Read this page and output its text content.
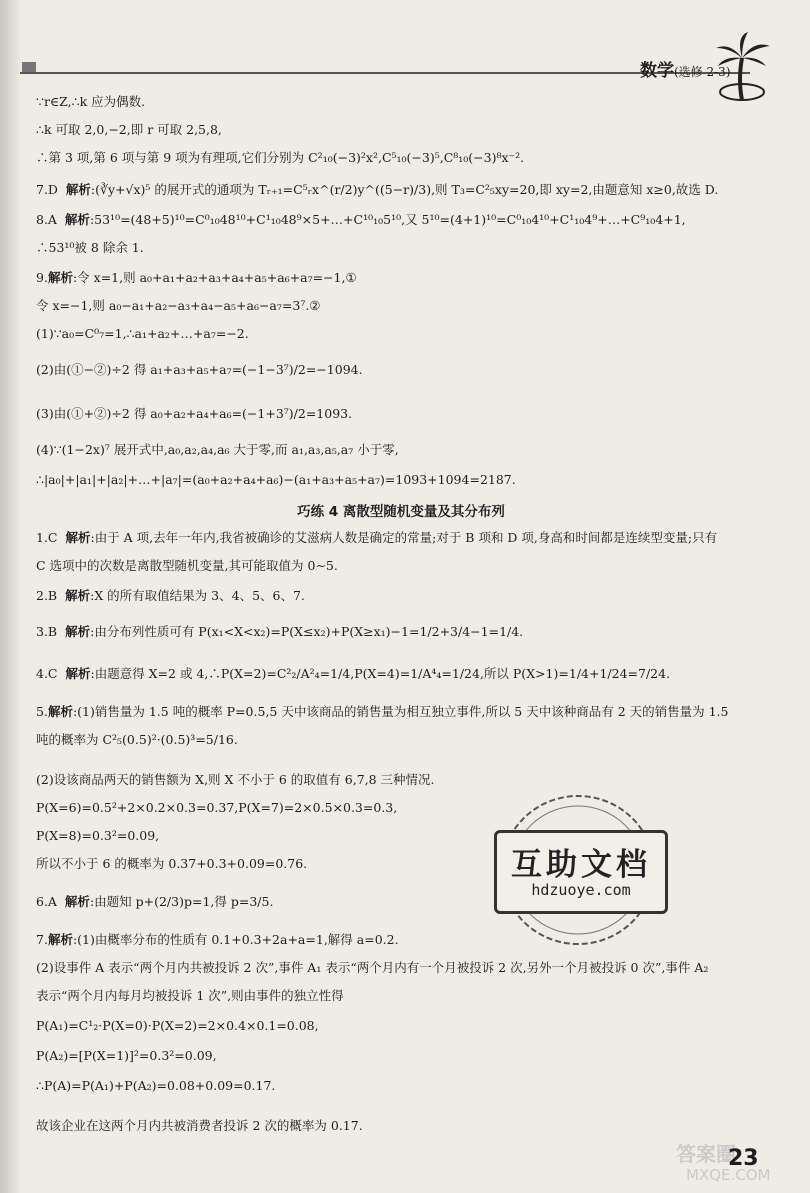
数学(选修 2-3)
∵r∈Z,∴k 应为偶数.
∴k 可取 2,0,−2,即 r 可取 2,5,8,
∴第 3 项,第 6 项与第 9 项为有理项,它们分别为 C²₁₀(−3)²x²,C⁵₁₀(−3)⁵,C⁸₁₀(−3)⁸x⁻².
7.D 解析:(∛y+√x)⁵ 的展开式的通项为 Tᵣ₊₁=C⁵ᵣx^(r/2)y^((5−r)/3),则 T₃=C²₅xy=20,即 xy=2,由题意知 x≥0,故选 D.
8.A 解析:53¹⁰=(48+5)¹⁰=C⁰₁₀48¹⁰+C¹₁₀48⁹×5+…+C¹⁰₁₀5¹⁰,又 5¹⁰=(4+1)¹⁰=C⁰₁₀4¹⁰+C¹₁₀4⁹+…+C⁹₁₀4+1,
∴53¹⁰被 8 除余 1.
9.解析:令 x=1,则 a₀+a₁+a₂+a₃+a₄+a₅+a₆+a₇=−1,①
令 x=−1,则 a₀−a₁+a₂−a₃+a₄−a₅+a₆−a₇=3⁷.②
(1)∵a₀=C⁰₇=1,∴a₁+a₂+…+a₇=−2.
(2)由(①−②)÷2 得 a₁+a₃+a₅+a₇=(−1−3⁷)/2=−1094.
(3)由(①+②)÷2 得 a₀+a₂+a₄+a₆=(−1+3⁷)/2=1093.
(4)∵(1−2x)⁷ 展开式中,a₀,a₂,a₄,a₆ 大于零,而 a₁,a₃,a₅,a₇ 小于零,
∴|a₀|+|a₁|+|a₂|+…+|a₇|=(a₀+a₂+a₄+a₆)−(a₁+a₃+a₅+a₇)=1093+1094=2187.
巧练 4 离散型随机变量及其分布列
1.C 解析:由于 A 项,去年一年内,我省被确诊的艾滋病人数是确定的常量;对于 B 项和 D 项,身高和时间都是连续型变量;只有
C 选项中的次数是离散型随机变量,其可能取值为 0∼5.
2.B 解析:X 的所有取值结果为 3、4、5、6、7.
3.B 解析:由分布列性质可有 P(x₁<X<x₂)=P(X≤x₂)+P(X≥x₁)−1=1/2+3/4−1=1/4.
4.C 解析:由题意得 X=2 或 4,∴P(X=2)=C²₂/A²₄=1/4,P(X=4)=1/A⁴₄=1/24,所以 P(X>1)=1/4+1/24=7/24.
5.解析:(1)销售量为 1.5 吨的概率 P=0.5,5 天中该商品的销售量为相互独立事件,所以 5 天中该种商品有 2 天的销售量为 1.5
吨的概率为 C²₅(0.5)²·(0.5)³=5/16.
(2)设该商品两天的销售额为 X,则 X 不小于 6 的取值有 6,7,8 三种情况.
P(X=6)=0.5²+2×0.2×0.3=0.37,P(X=7)=2×0.5×0.3=0.3,
P(X=8)=0.3²=0.09,
所以不小于 6 的概率为 0.37+0.3+0.09=0.76.
6.A 解析:由题知 p+(2/3)p=1,得 p=3/5.
7.解析:(1)由概率分布的性质有 0.1+0.3+2a+a=1,解得 a=0.2.
(2)设事件 A 表示“两个月内共被投诉 2 次”,事件 A₁ 表示“两个月内有一个月被投诉 2 次,另外一个月被投诉 0 次”,事件 A₂
表示“两个月内每月均被投诉 1 次”,则由事件的独立性得
P(A₁)=C¹₂·P(X=0)·P(X=2)=2×0.4×0.1=0.08,
P(A₂)=[P(X=1)]²=0.3²=0.09,
∴P(A)=P(A₁)+P(A₂)=0.08+0.09=0.17.
故该企业在这两个月内共被消费者投诉 2 次的概率为 0.17.
互助文档
hdzuoye.com
答案圈
MXQE.COM
23
